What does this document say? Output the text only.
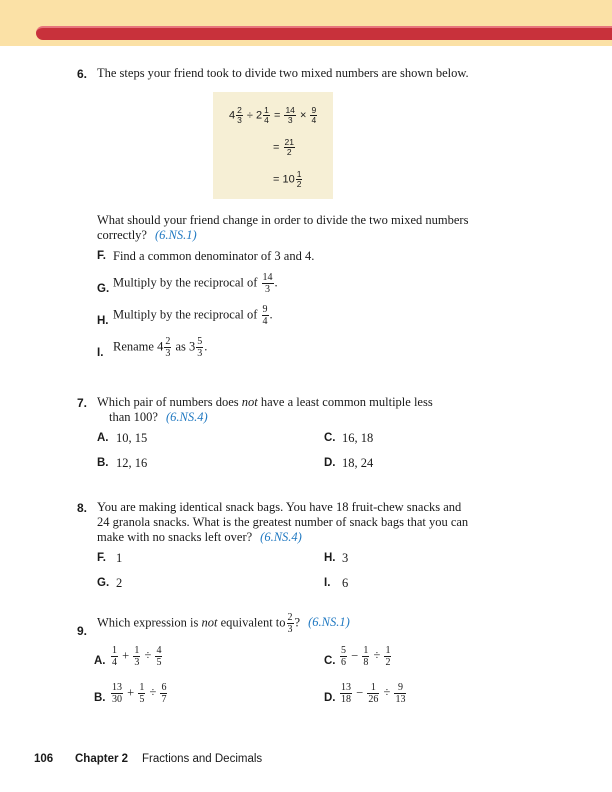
6. The steps your friend took to divide two mixed numbers are shown below.
$4 \frac{2}{3} \div 2 \frac{1}{4} = \frac{14}{3} \times \frac{9}{4}$
= $\frac{21}{2}$
= $10 \frac{1}{2}$
What should your friend change in order to divide the two mixed numbers
correctly? (6.NS.1)
F. Find a common denominator of 3 and 4.
G. Multiply by the reciprocal of $\frac{14}{3}$ .
H. Multiply by the reciprocal of $\frac{9}{4}$ .
I. Rename $4 \frac{2}{3}$ as $3 \frac{5}{3}$ .
7. Which pair of numbers does not have a least common multiple less
than 100? (6.NS.4)
A. 10, 15
B. 12, 16
C. 16, 18
D. 18, 24
8. You are making identical snack bags. You have 18 fruit-chew snacks and
24 granola snacks. What is the greatest number of snack bags that you can
make with no snacks left over? (6.NS.4)
F. 1
G. 2
H. 3
I. 6
9.
Which expression is not equivalent to $\frac{2}{3}$ ? (6.NS.1)
A. $\frac{1}{4} + \frac{1}{3} \div \frac{4}{5}$
B. $\frac{13}{30} + \frac{1}{5} \div \frac{6}{7}$
C. $\frac{5}{6} - \frac{1}{8} \div \frac{1}{2}$
D. $\frac{13}{18} - \frac{1}{26} \div \frac{9}{13}$
106 Chapter 2 Fractions and Decimals
